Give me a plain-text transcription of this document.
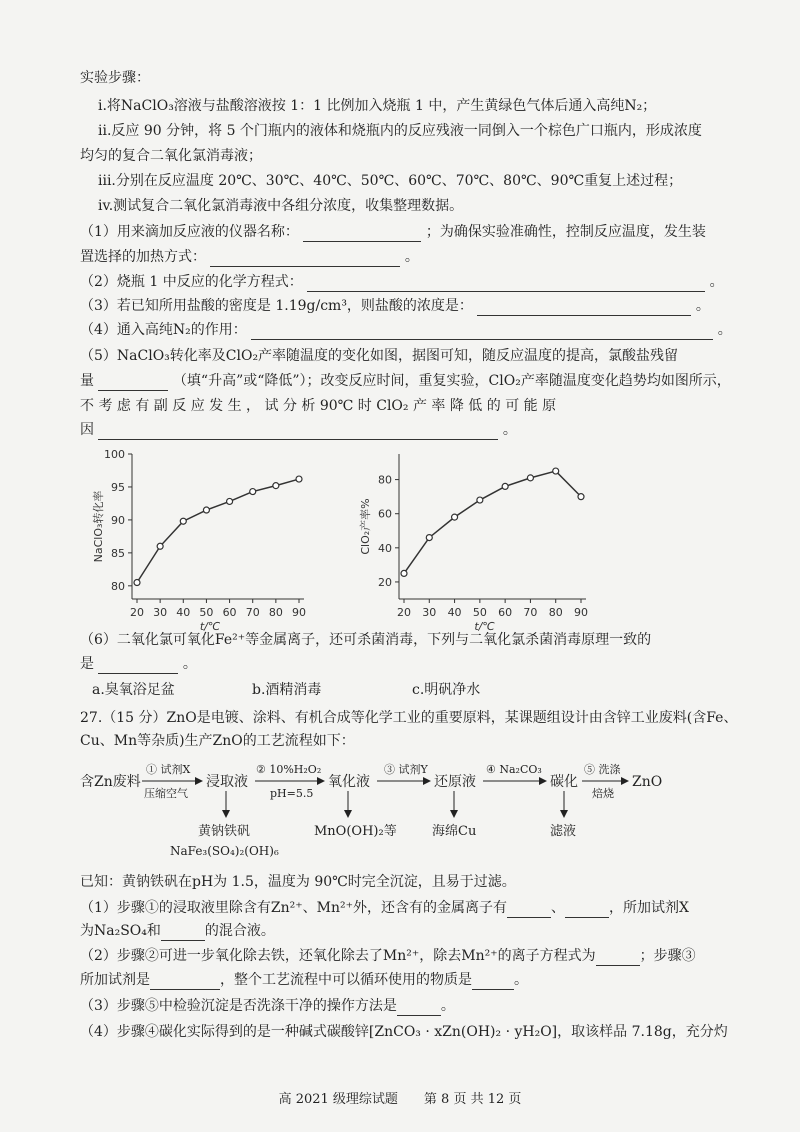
实验步骤：
i.将NaClO₃溶液与盐酸溶液按 1：1 比例加入烧瓶 1 中，产生黄绿色气体后通入高纯N₂；
ii.反应 90 分钟，将 5 个门瓶内的液体和烧瓶内的反应残液一同倒入一个棕色广口瓶内，形成浓度
均匀的复合二氧化氯消毒液；
iii.分别在反应温度 20℃、30℃、40℃、50℃、60℃、70℃、80℃、90℃重复上述过程；
iv.测试复合二氧化氯消毒液中各组分浓度，收集整理数据。
（1）用来滴加反应液的仪器名称：	；为确保实验准确性，控制反应温度，发生装
置选择的加热方式：	。
（2）烧瓶 1 中反应的化学方程式：	。
（3）若已知所用盐酸的密度是 1.19g/cm³，则盐酸的浓度是：	。
（4）通入高纯N₂的作用：	。
（5）NaClO₃转化率及ClO₂产率随温度的变化如图，据图可知，随反应温度的提高，氯酸盐残留
量	（填“升高”或“降低”）；改变反应时间，重复实验，ClO₂产率随温度变化趋势均如图所示，
不 考 虑 有 副 反 应 发 生 ， 试 分 析 90℃ 时 ClO₂ 产 率 降 低 的 可 能 原
因	。
80
85
90
95
100
20 30 40 50 60 70 80 90
t/℃
NaClO₃转化率
20
40
60
80
20 30 40 50 60 70 80 90
t/℃
ClO₂产率%
（6）二氧化氯可氧化Fe²⁺等金属离子，还可杀菌消毒，下列与二氧化氯杀菌消毒原理一致的
是	。
a.臭氧浴足盆	b.酒精消毒	c.明矾净水
27.（15 分）ZnO是电镀、涂料、有机合成等化学工业的重要原料，某课题组设计由含锌工业废料(含Fe、
Cu、Mn等杂质)生产ZnO的工艺流程如下：
含Zn废料
① 试剂X
压缩空气
浸取液
② 10%H₂O₂
pH=5.5
氧化液
③ 试剂Y
还原液
④ Na₂CO₃
碳化
⑤ 洗涤
焙烧
ZnO
黄钠铁矾
NaFe₃(SO₄)₂(OH)₆
MnO(OH)₂等	海绵Cu	滤液
已知：黄钠铁矾在pH为 1.5，温度为 90℃时完全沉淀，且易于过滤。
（1）步骤①的浸取液里除含有Zn²⁺、Mn²⁺外，还含有的金属离子有	、	，所加试剂X
为Na₂SO₄和	的混合液。
（2）步骤②可进一步氧化除去铁，还氧化除去了Mn²⁺，除去Mn²⁺的离子方程式为	；步骤③
所加试剂是	，整个工艺流程中可以循环使用的物质是	。
（3）步骤⑤中检验沉淀是否洗涤干净的操作方法是	。
（4）步骤④碳化实际得到的是一种碱式碳酸锌[ZnCO₃ · xZn(OH)₂ · yH₂O]，取该样品 7.18g，充分灼
高 2021 级理综试题　　第 8 页 共 12 页
